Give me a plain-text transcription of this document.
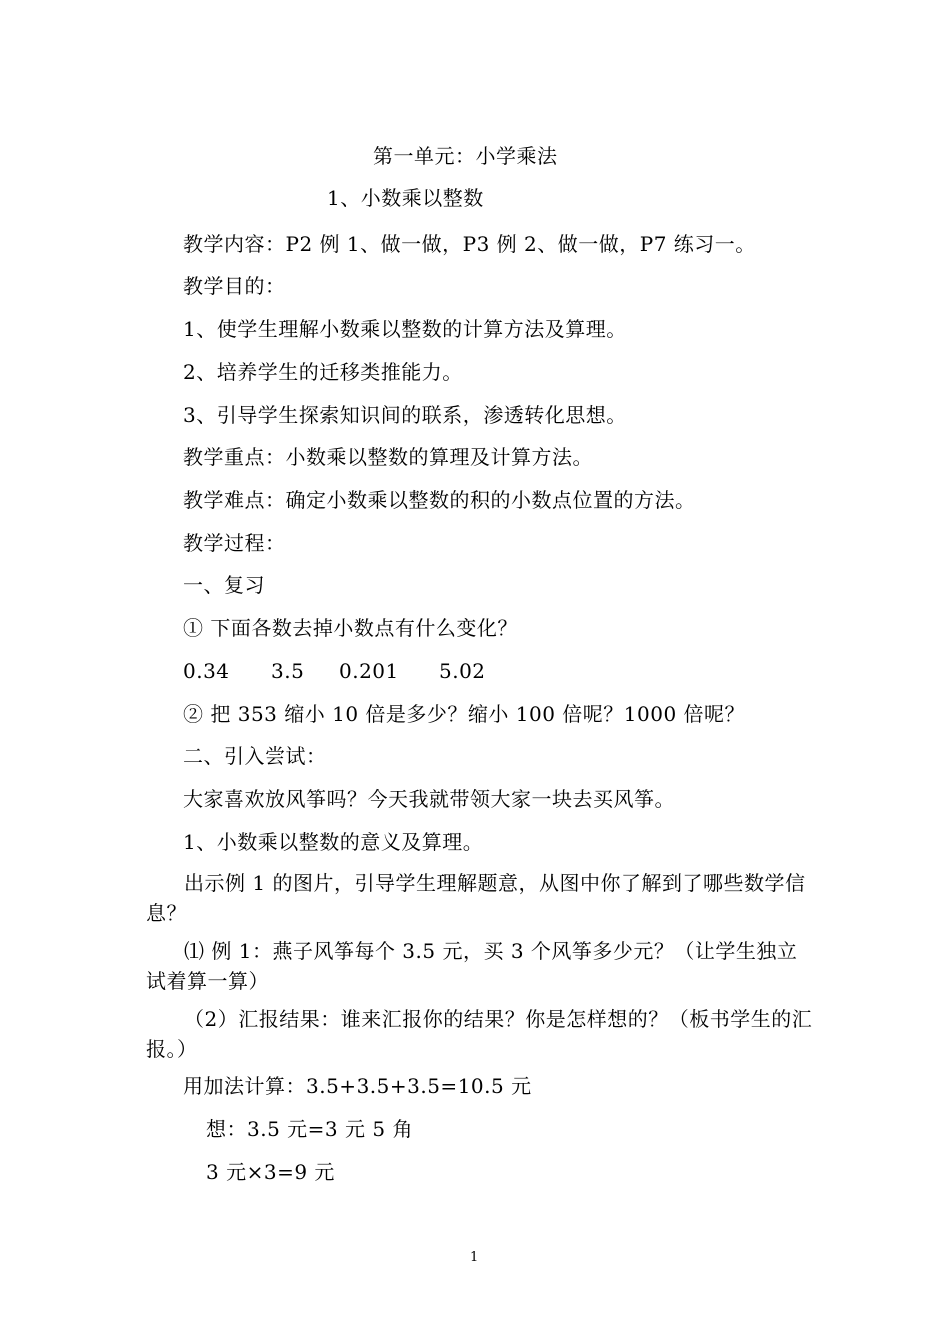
第一单元：小学乘法
1、小数乘以整数
教学内容：P2 例 1、做一做，P3 例 2、做一做，P7 练习一。
教学目的：
1、使学生理解小数乘以整数的计算方法及算理。
2、培养学生的迁移类推能力。
3、引导学生探索知识间的联系，渗透转化思想。
教学重点：小数乘以整数的算理及计算方法。
教学难点：确定小数乘以整数的积的小数点位置的方法。
教学过程：
一、复习
① 下面各数去掉小数点有什么变化？
0.34 3.5 0.201 5.02
② 把 353 缩小 10 倍是多少？缩小 100 倍呢？1000 倍呢？
二、引入尝试：
大家喜欢放风筝吗？今天我就带领大家一块去买风筝。
1、小数乘以整数的意义及算理。
出示例 1 的图片，引导学生理解题意，从图中你了解到了哪些数学信息？
⑴ 例 1：燕子风筝每个 3.5 元，买 3 个风筝多少元？（让学生独立试着算一算）
（2）汇报结果：谁来汇报你的结果？你是怎样想的？（板书学生的汇报。）
用加法计算：3.5+3.5+3.5=10.5 元
想：3.5 元=3 元 5 角
3 元×3=9 元
1
